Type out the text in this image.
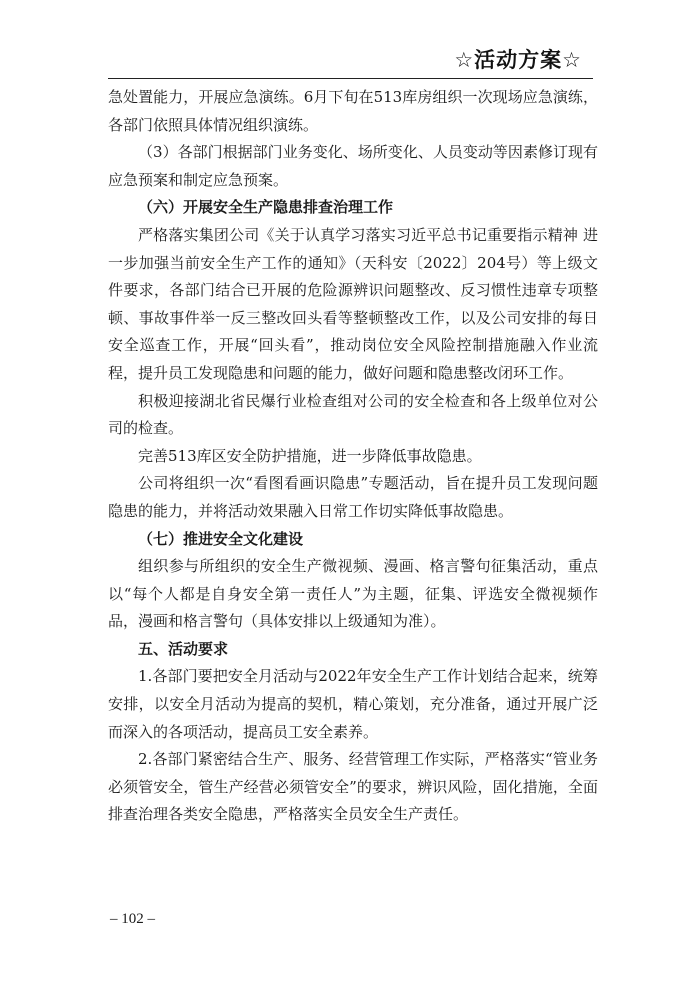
☆活动方案☆

急处置能力，开展应急演练。6月下旬在513库房组织一次现场应急演练，各部门依照具体情况组织演练。

（3）各部门根据部门业务变化、场所变化、人员变动等因素修订现有应急预案和制定应急预案。

（六）开展安全生产隐患排查治理工作

严格落实集团公司《关于认真学习落实习近平总书记重要指示精神 进一步加强当前安全生产工作的通知》（天科安〔2022〕204号）等上级文件要求，各部门结合已开展的危险源辨识问题整改、反习惯性违章专项整顿、事故事件举一反三整改回头看等整顿整改工作，以及公司安排的每日安全巡查工作，开展“回头看”，推动岗位安全风险控制措施融入作业流程，提升员工发现隐患和问题的能力，做好问题和隐患整改闭环工作。

积极迎接湖北省民爆行业检查组对公司的安全检查和各上级单位对公司的检查。

完善513库区安全防护措施，进一步降低事故隐患。

公司将组织一次“看图看画识隐患”专题活动，旨在提升员工发现问题隐患的能力，并将活动效果融入日常工作切实降低事故隐患。

（七）推进安全文化建设

组织参与所组织的安全生产微视频、漫画、格言警句征集活动，重点以“每个人都是自身安全第一责任人”为主题，征集、评选安全微视频作品，漫画和格言警句（具体安排以上级通知为准）。

五、活动要求

1.各部门要把安全月活动与2022年安全生产工作计划结合起来，统筹安排，以安全月活动为提高的契机，精心策划，充分准备，通过开展广泛而深入的各项活动，提高员工安全素养。

2.各部门紧密结合生产、服务、经营管理工作实际，严格落实“管业务必须管安全，管生产经营必须管安全”的要求，辨识风险，固化措施，全面排查治理各类安全隐患，严格落实全员安全生产责任。

– 102 –
